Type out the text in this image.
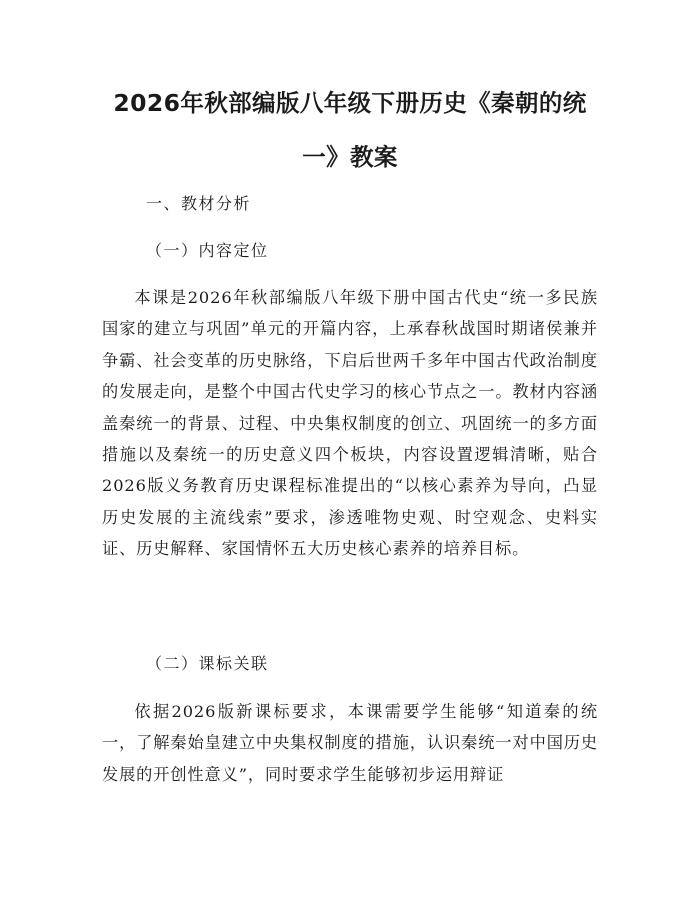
2026年秋部编版八年级下册历史《秦朝的统一》教案

一、教材分析

（一）内容定位

本课是2026年秋部编版八年级下册中国古代史“统一多民族国家的建立与巩固”单元的开篇内容，上承春秋战国时期诸侯兼并争霸、社会变革的历史脉络，下启后世两千多年中国古代政治制度的发展走向，是整个中国古代史学习的核心节点之一。教材内容涵盖秦统一的背景、过程、中央集权制度的创立、巩固统一的多方面措施以及秦统一的历史意义四个板块，内容设置逻辑清晰，贴合2026版义务教育历史课程标准提出的“以核心素养为导向，凸显历史发展的主流线索”要求，渗透唯物史观、时空观念、史料实证、历史解释、家国情怀五大历史核心素养的培养目标。

（二）课标关联

依据2026版新课标要求，本课需要学生能够“知道秦的统一，了解秦始皇建立中央集权制度的措施，认识秦统一对中国历史发展的开创性意义”，同时要求学生能够初步运用辩证
